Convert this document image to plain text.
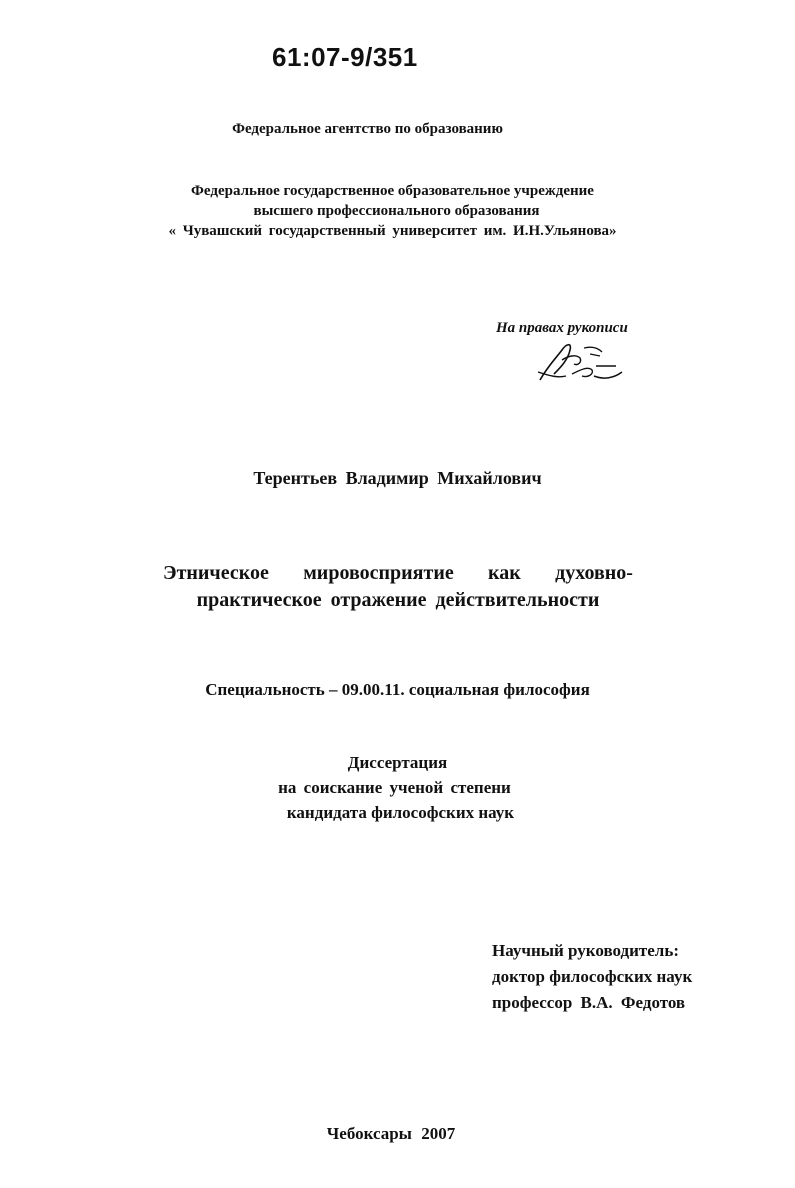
61:07-9/351
Федеральное агентство по образованию
Федеральное государственное образовательное учреждение
высшего профессионального образования
« Чувашский государственный университет им. И.Н.Ульянова»
На правах рукописи
Терентьев Владимир Михайлович
Этническое мировосприятие как духовно-
практическое отражение действительности
Специальность – 09.00.11. социальная философия
Диссертация
на соискание ученой степени
кандидата философских наук
Научный руководитель:
доктор философских наук
профессор В.А. Федотов
Чебоксары 2007
